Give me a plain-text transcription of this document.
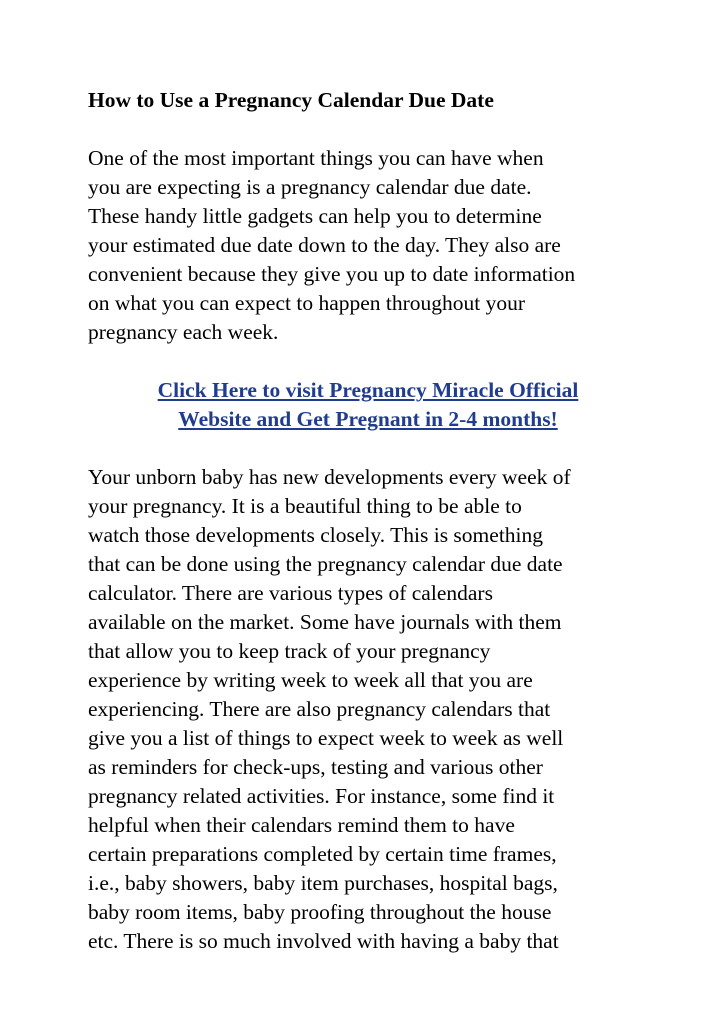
How to Use a Pregnancy Calendar Due Date
One of the most important things you can have when
you are expecting is a pregnancy calendar due date.
These handy little gadgets can help you to determine
your estimated due date down to the day. They also are
convenient because they give you up to date information
on what you can expect to happen throughout your
pregnancy each week.
Click Here to visit Pregnancy Miracle Official
Website and Get Pregnant in 2-4 months!
Your unborn baby has new developments every week of
your pregnancy. It is a beautiful thing to be able to
watch those developments closely. This is something
that can be done using the pregnancy calendar due date
calculator. There are various types of calendars
available on the market. Some have journals with them
that allow you to keep track of your pregnancy
experience by writing week to week all that you are
experiencing. There are also pregnancy calendars that
give you a list of things to expect week to week as well
as reminders for check-ups, testing and various other
pregnancy related activities. For instance, some find it
helpful when their calendars remind them to have
certain preparations completed by certain time frames,
i.e., baby showers, baby item purchases, hospital bags,
baby room items, baby proofing throughout the house
etc. There is so much involved with having a baby that
